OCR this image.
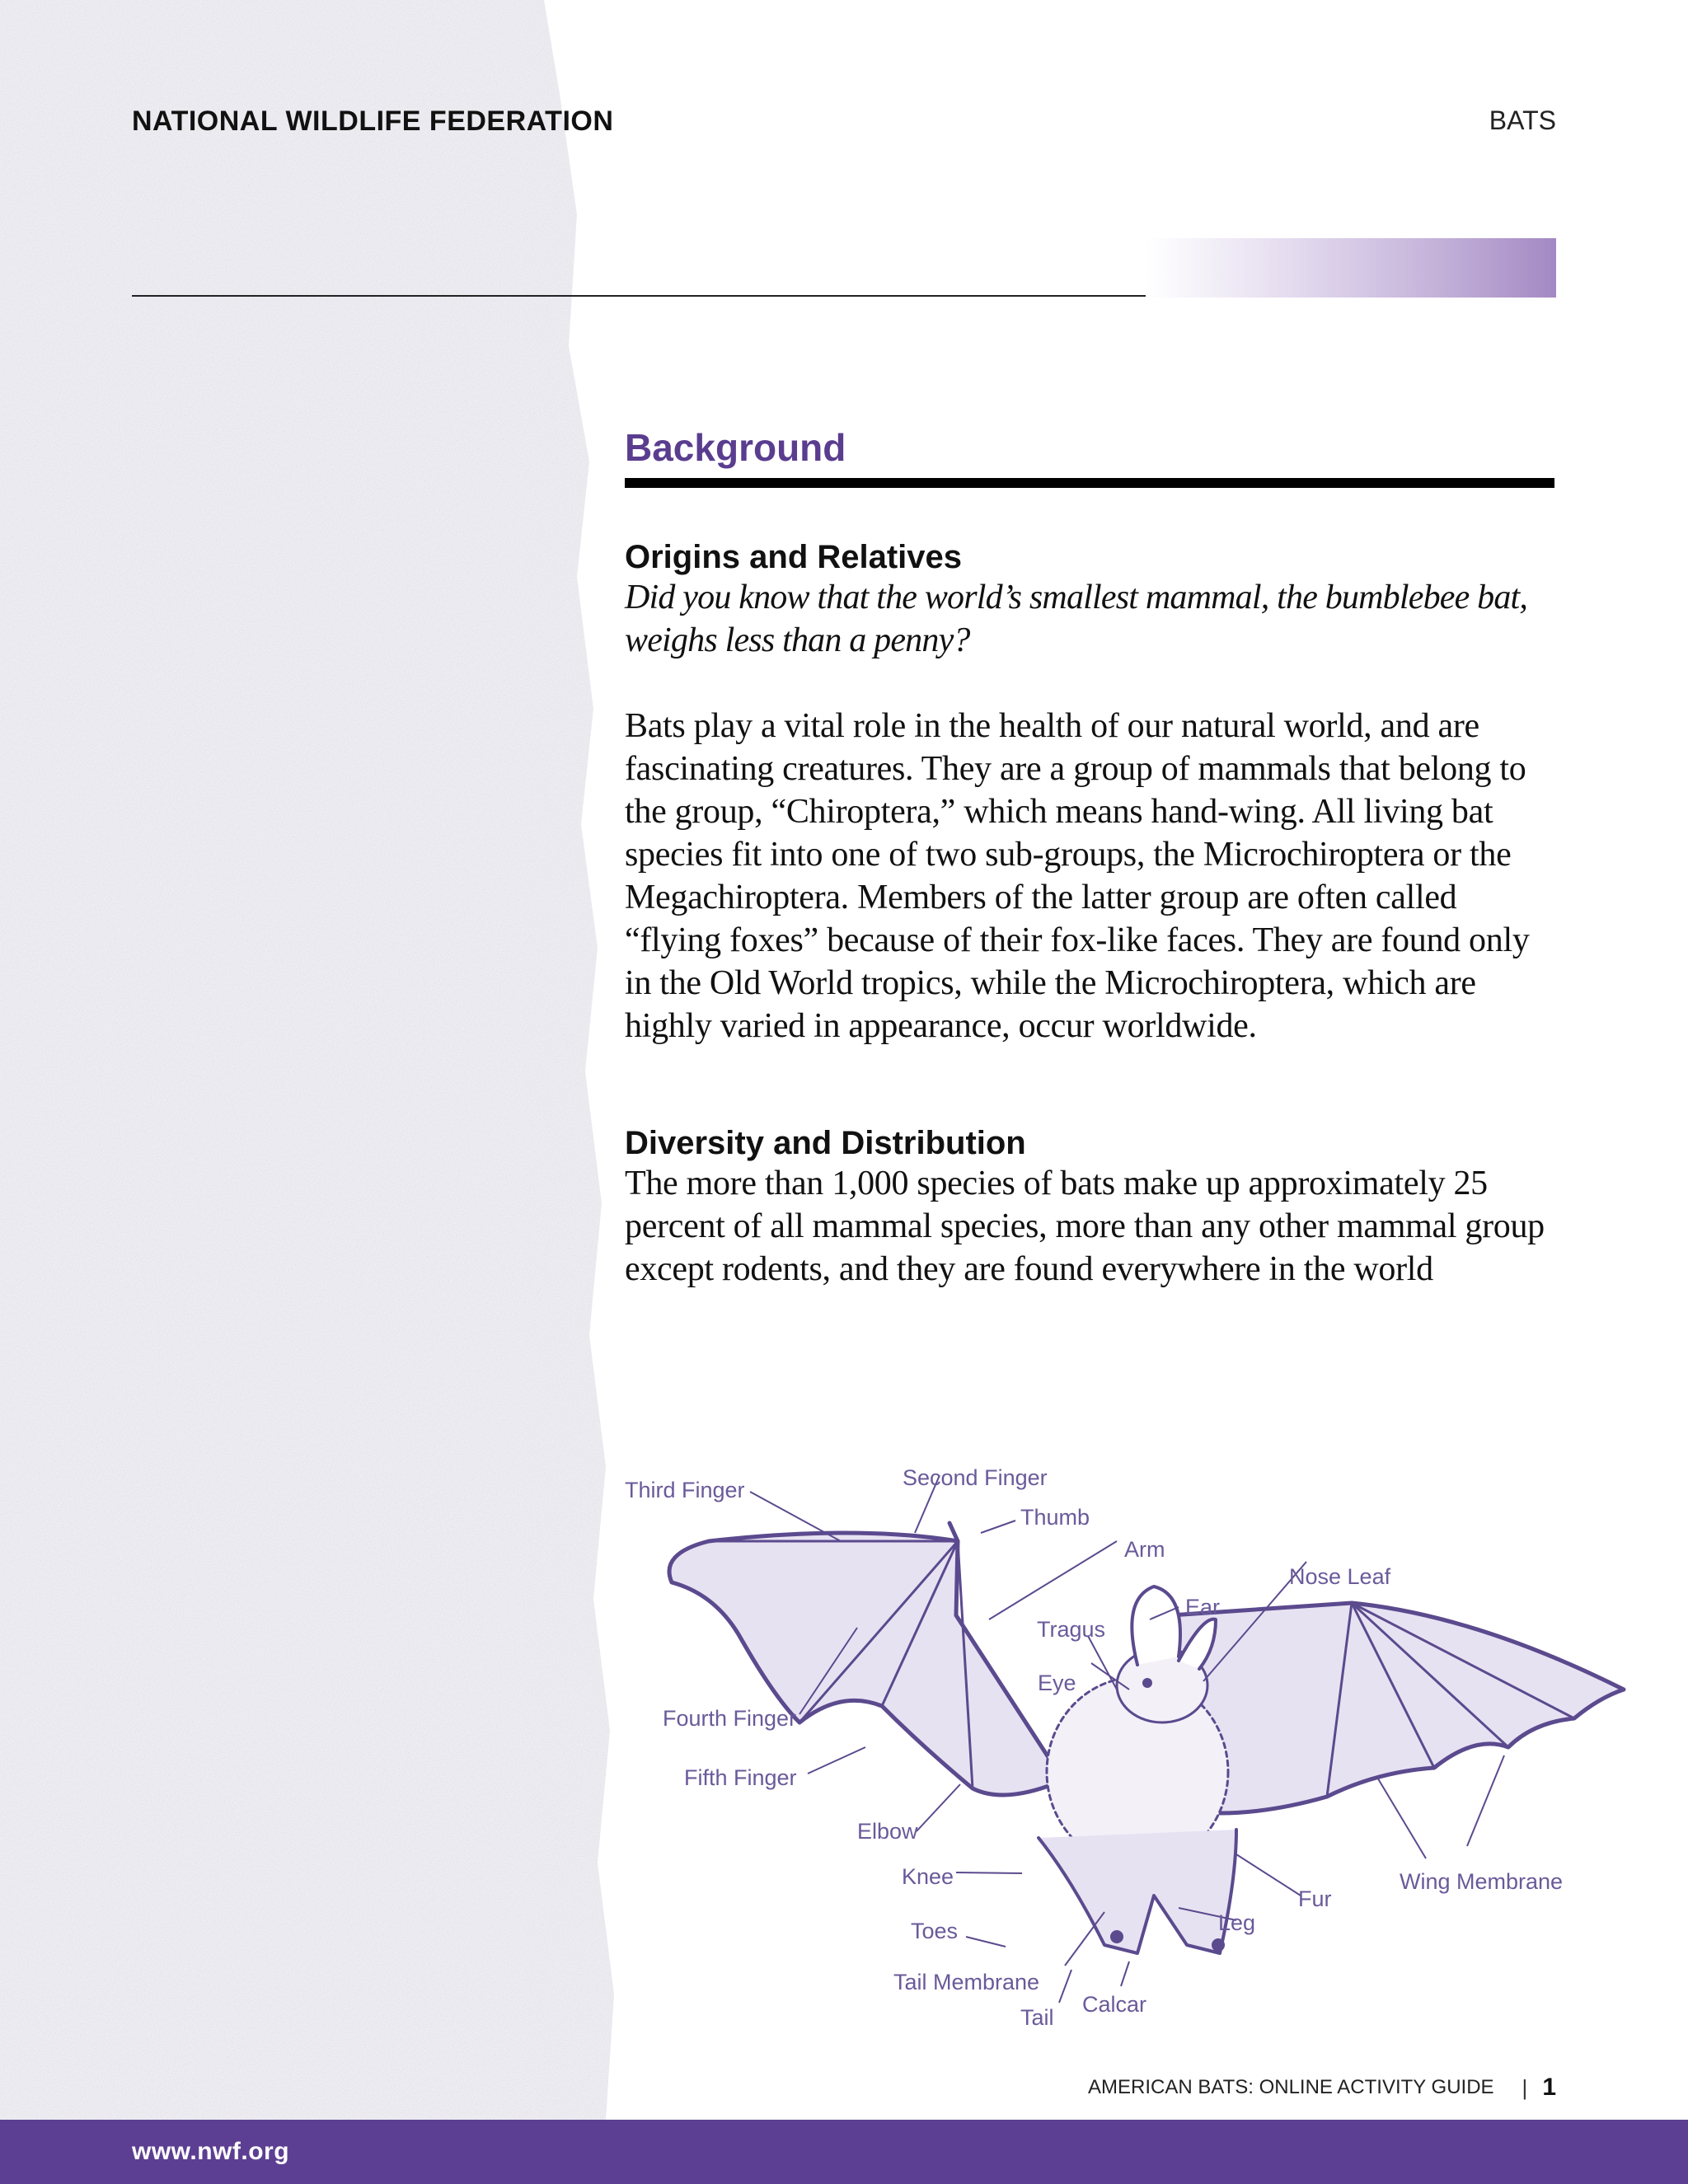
NATIONAL WILDLIFE FEDERATION	BATS
Background
Origins and Relatives

Did you know that the world’s smallest mammal, the bumblebee bat,
weighs less than a penny?

Bats play a vital role in the health of our natural world, and are fascinating creatures. They are a group of mammals that belong to the group, “Chiroptera,” which means hand-wing. All living bat species fit into one of two sub-groups, the Microchiroptera or the Megachiroptera. Members of the latter group are often called “flying foxes” because of their fox-like faces. They are found only in the Old World tropics, while the Microchiroptera, which are highly varied in appearance, occur worldwide.

Diversity and Distribution

The more than 1,000 species of bats make up approximately 25 percent of all mammal species, more than any other mammal group except rodents, and they are found everywhere in the world

Third Finger	Second Finger
Thumb
Arm
Ear
Nose Leaf
Tragus
Eye
Fourth Finger
Fifth Finger
Elbow
Knee
Toes
Tail Membrane
Tail
Calcar
Leg
Fur
Wing Membrane
AMERICAN BATS: ONLINE ACTIVITY GUIDE | 1
www.nwf.org
